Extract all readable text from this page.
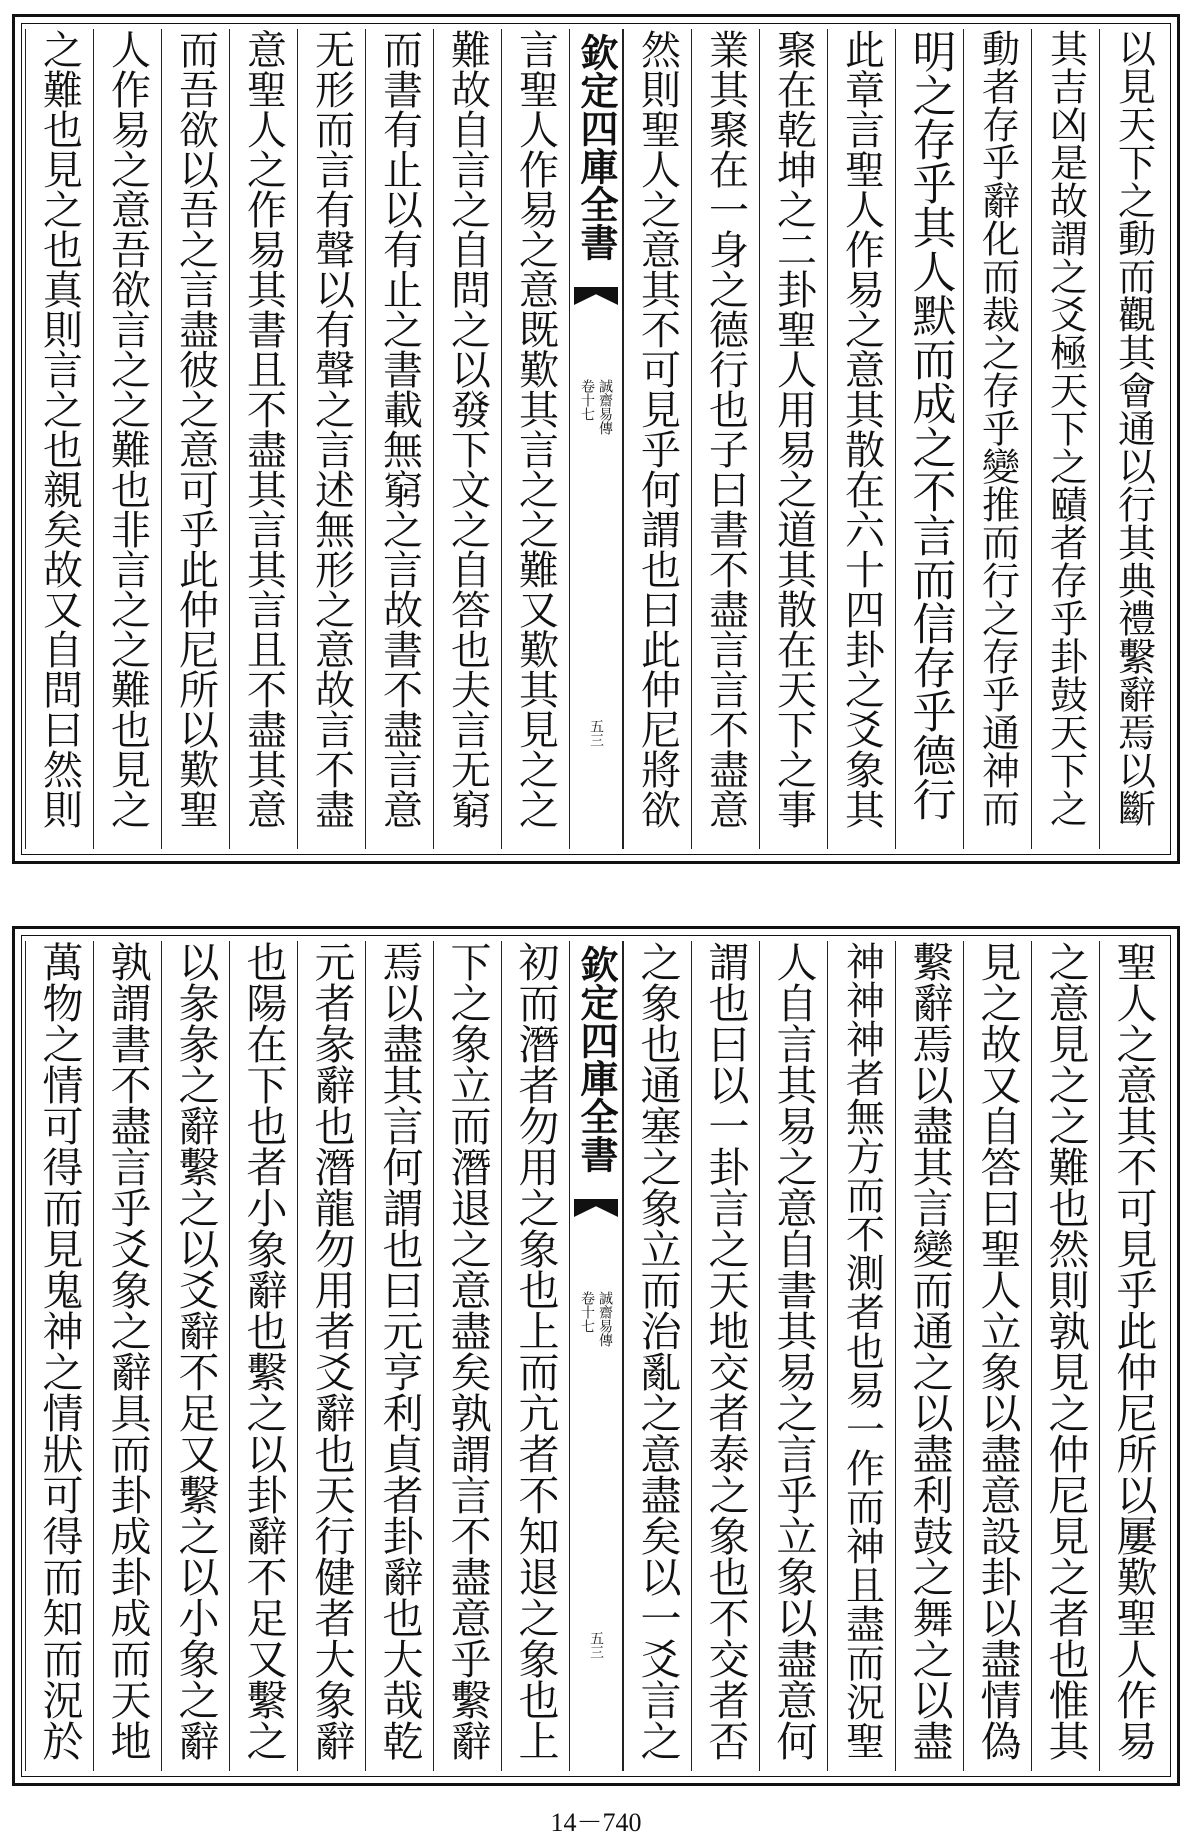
以見天下之動而觀其會通以行其典禮繫辭焉以斷
其吉凶是故謂之爻極天下之賾者存乎卦鼓天下之
動者存乎辭化而裁之存乎變推而行之存乎通神而
明之存乎其人默而成之不言而信存乎德行
此章言聖人作易之意其散在六十四卦之爻象其
聚在乾坤之二卦聖人用易之道其散在天下之事
業其聚在一身之德行也子曰書不盡言言不盡意
然則聖人之意其不可見乎何謂也曰此仲尼將欲
欽定四庫全書
卷十七 誠齋易傳
五三
言聖人作易之意既歎其言之之難又歎其見之之
難故自言之自問之以發下文之自答也夫言无窮
而書有止以有止之書載無窮之言故書不盡言意
无形而言有聲以有聲之言述無形之意故言不盡
意聖人之作易其書且不盡其言其言且不盡其意
而吾欲以吾之言盡彼之意可乎此仲尼所以歎聖
人作易之意吾欲言之之難也非言之之難也見之
之難也見之也真則言之也親矣故又自問曰然則
聖人之意其不可見乎此仲尼所以屢歎聖人作易
之意見之之難也然則孰見之仲尼見之者也惟其
見之故又自答曰聖人立象以盡意設卦以盡情偽
繫辭焉以盡其言變而通之以盡利鼓之舞之以盡
神神神者無方而不測者也易一作而神且盡而況聖
人自言其易之意自書其易之言乎立象以盡意何
謂也曰以一卦言之天地交者泰之象也不交者否
之象也通塞之象立而治亂之意盡矣以一爻言之
欽定四庫全書
卷十七 誠齋易傳
五三
初而潛者勿用之象也上而亢者不知退之象也上
下之象立而潛退之意盡矣孰謂言不盡意乎繫辭
焉以盡其言何謂也曰元亨利貞者卦辭也大哉乾
元者彖辭也潛龍勿用者爻辭也天行健者大象辭
也陽在下也者小象辭也繫之以卦辭不足又繫之
以彖彖之辭繫之以爻辭不足又繫之以小象之辭
孰謂書不盡言乎爻象之辭具而卦成卦成而天地
萬物之情可得而見鬼神之情狀可得而知而況於
14－740
